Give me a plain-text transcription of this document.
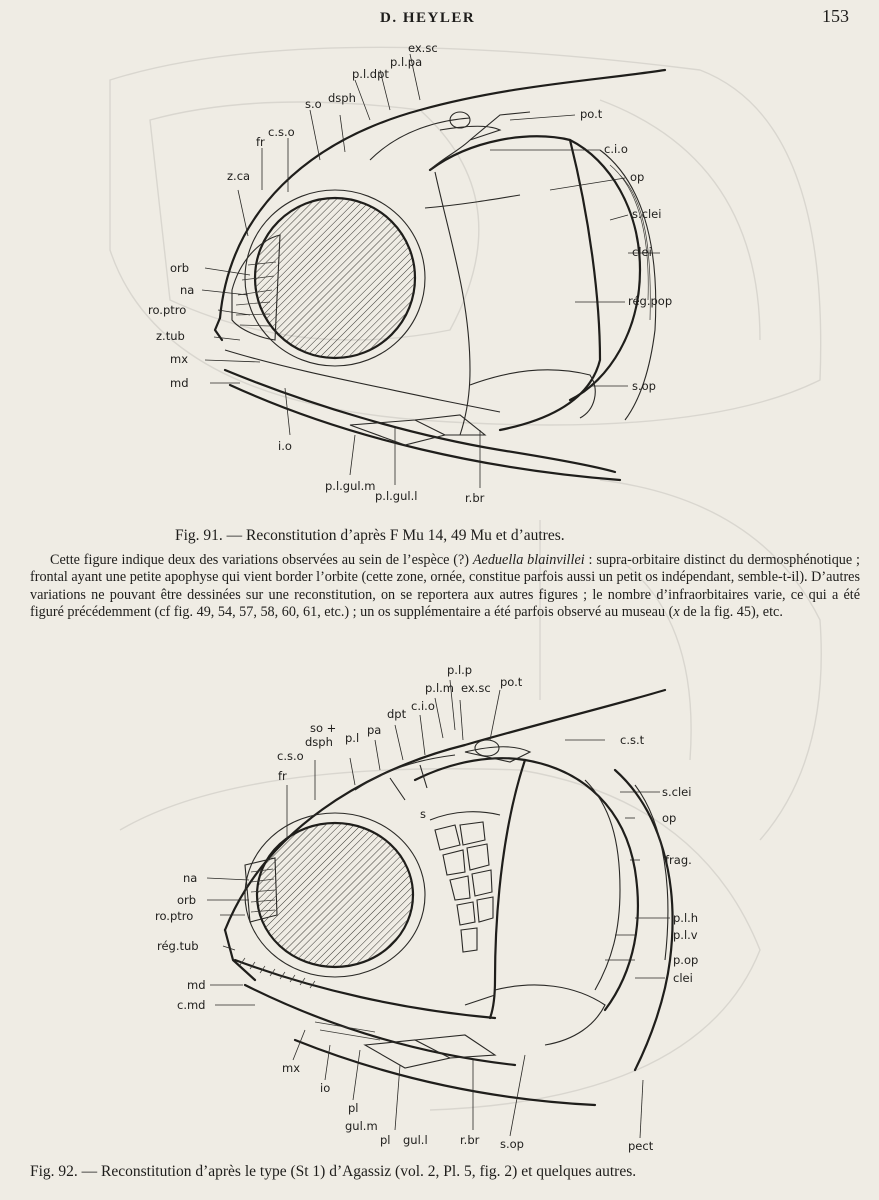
D. HEYLER	153
ex.sc
p.l.pa
p.l.dpt
dsph
s.o
c.s.o
fr
z.ca
po.t
c.i.o
op
s.clei
clei
rég.pop
orb
na
ro.ptro
z.tub
mx
md	s.op
i.o
p.l.gul.m
p.l.gul.l	r.br
Fig. 91. — Reconstitution d’après F Mu 14, 49 Mu et d’autres.

Cette figure indique deux des variations observées au sein de l’espèce (?) Aeduella blainvillei : supra-orbitaire distinct du dermosphénotique ; frontal ayant une petite apophyse qui vient border l’orbite (cette zone, ornée, constitue parfois aussi un petit os indépendant, semble-t-il). D’autres variations ne pouvant être dessinées sur une reconstitution, on se reportera aux autres figures ; le nombre d’infraorbitaires varie, ce qui a été figuré précédemment (cf fig. 49, 54, 57, 58, 60, 61, etc.) ; un os supplémentaire a été parfois observé au museau (x de la fig. 45), etc.

p.l.p
p.l.m ex.sc po.t
c.i.o
dpt
pa
p.l
so +
dsph
c.s.o
fr
c.s.t
s.clei
op
frag.
s
na
orb
ro.ptro
rég.tub
md
c.md
p.l.h
p.l.v
p.op
clei
mx
io
pl
gul.m
pl gul.l	r.br s.op	pect
Fig. 92. — Reconstitution d’après le type (St 1) d’Agassiz (vol. 2, Pl. 5, fig. 2) et quelques autres.
